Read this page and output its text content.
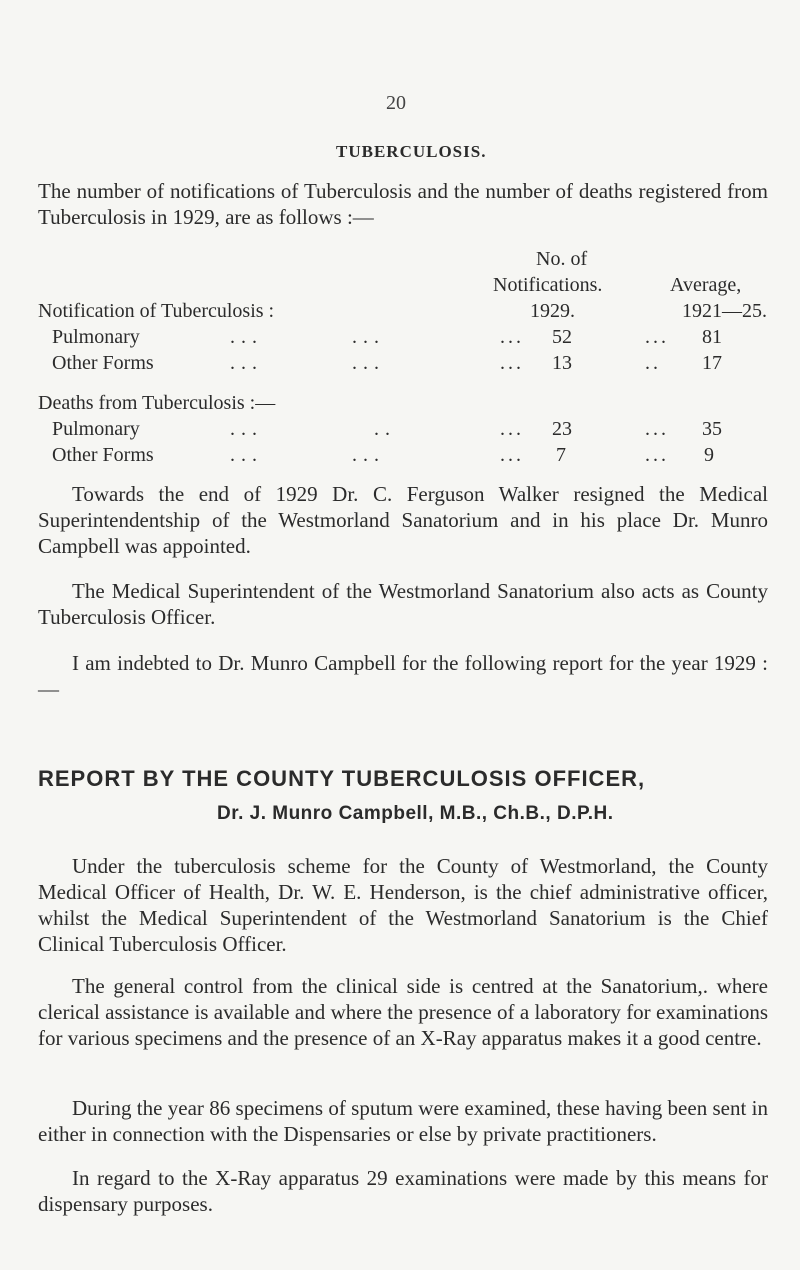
20
TUBERCULOSIS.
The number of notifications of Tuberculosis and the number of deaths registered from Tuberculosis in 1929, are as follows :—
No. of
Notifications.	Average,
Notification of Tuberculosis :	1929.	1921—25.
Pulmonary	...	...	... 52	... 81
Other Forms	...	...	... 13	.. 17
Deaths from Tuberculosis :—
Pulmonary	...	..	... 23	... 35
Other Forms	...	...	... 7	... 9
Towards the end of 1929 Dr. C. Ferguson Walker resigned the Medical Superintendentship of the Westmorland Sanatorium and in his place Dr. Munro Campbell was appointed.
The Medical Superintendent of the Westmorland Sanatorium also acts as County Tuberculosis Officer.
I am indebted to Dr. Munro Campbell for the following report for the year 1929 :—
REPORT BY THE COUNTY TUBERCULOSIS OFFICER,
Dr. J. Munro Campbell, M.B., Ch.B., D.P.H.
Under the tuberculosis scheme for the County of Westmorland, the County Medical Officer of Health, Dr. W. E. Henderson, is the chief administrative officer, whilst the Medical Superintendent of the Westmorland Sanatorium is the Chief Clinical Tuberculosis Officer.
The general control from the clinical side is centred at the Sanatorium,. where clerical assistance is available and where the presence of a laboratory for examinations for various specimens and the presence of an X-Ray apparatus makes it a good centre.
During the year 86 specimens of sputum were examined, these having been sent in either in connection with the Dispensaries or else by private practitioners.
In regard to the X-Ray apparatus 29 examinations were made by this means for dispensary purposes.
